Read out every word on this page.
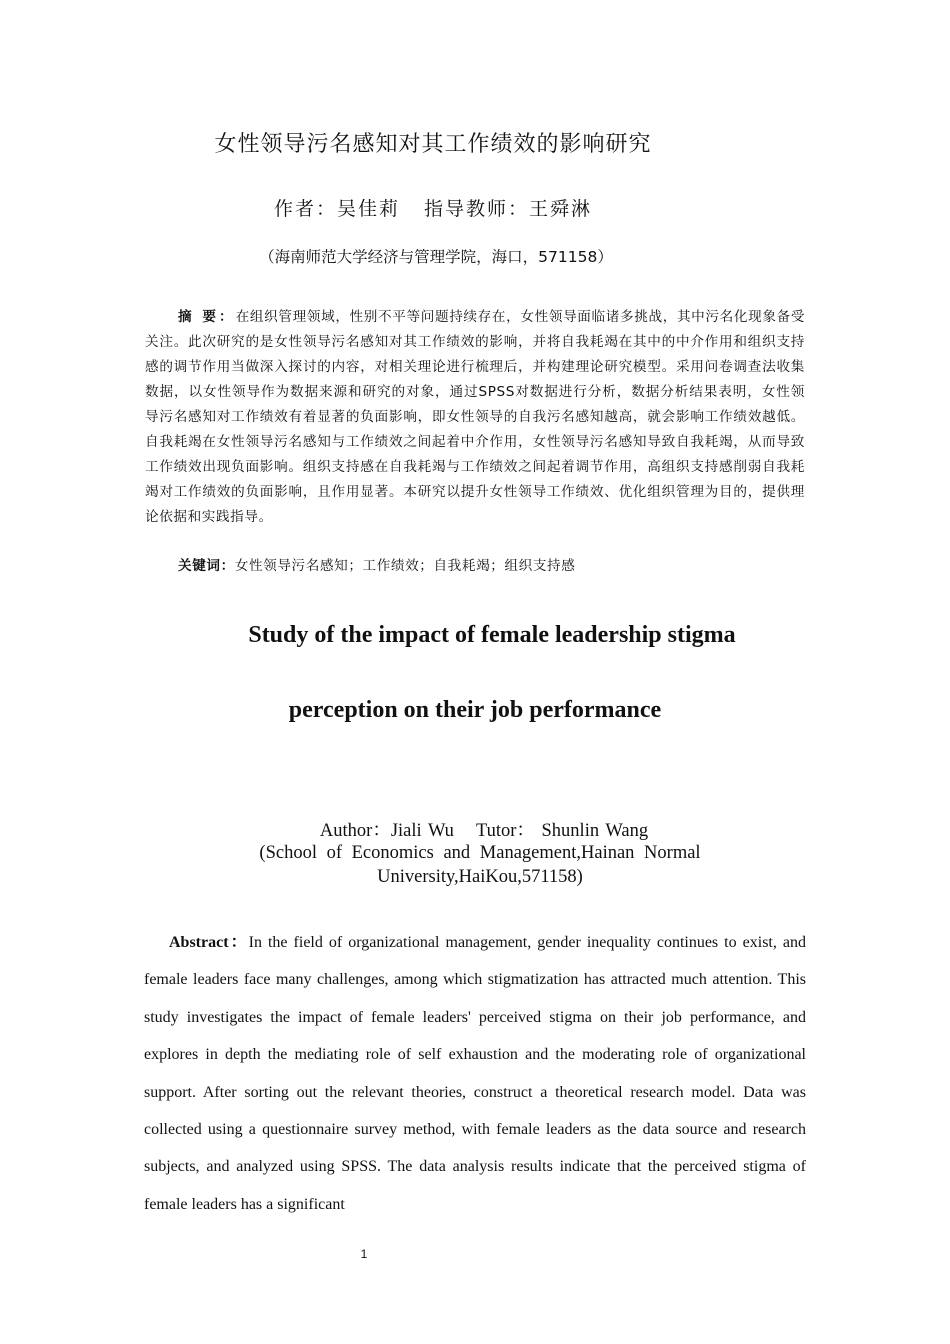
女性领导污名感知对其工作绩效的影响研究
作者：吴佳莉 指导教师：王舜淋
（海南师范大学经济与管理学院，海口，571158）

摘 要：在组织管理领域，性别不平等问题持续存在，女性领导面临诸多挑战，其中污名化现象备受关注。此次研究的是女性领导污名感知对其工作绩效的影响，并将自我耗竭在其中的中介作用和组织支持感的调节作用当做深入探讨的内容，对相关理论进行梳理后，并构建理论研究模型。采用问卷调查法收集数据，以女性领导作为数据来源和研究的对象，通过SPSS对数据进行分析，数据分析结果表明，女性领导污名感知对工作绩效有着显著的负面影响，即女性领导的自我污名感知越高，就会影响工作绩效越低。自我耗竭在女性领导污名感知与工作绩效之间起着中介作用，女性领导污名感知导致自我耗竭，从而导致工作绩效出现负面影响。组织支持感在自我耗竭与工作绩效之间起着调节作用，高组织支持感削弱自我耗竭对工作绩效的负面影响，且作用显著。本研究以提升女性领导工作绩效、优化组织管理为目的，提供理论依据和实践指导。

关键词：女性领导污名感知；工作绩效；自我耗竭；组织支持感
Study of the impact of female leadership stigma
perception on their job performance
Author：Jiali Wu Tutor： Shunlin Wang
(School of Economics and Management,Hainan Normal University,HaiKou,571158)

Abstract：In the field of organizational management, gender inequality continues to exist, and female leaders face many challenges, among which stigmatization has attracted much attention. This study investigates the impact of female leaders' perceived stigma on their job performance, and explores in depth the mediating role of self exhaustion and the moderating role of organizational support. After sorting out the relevant theories, construct a theoretical research model. Data was collected using a questionnaire survey method, with female leaders as the data source and research subjects, and analyzed using SPSS. The data analysis results indicate that the perceived stigma of female leaders has a significant

1
